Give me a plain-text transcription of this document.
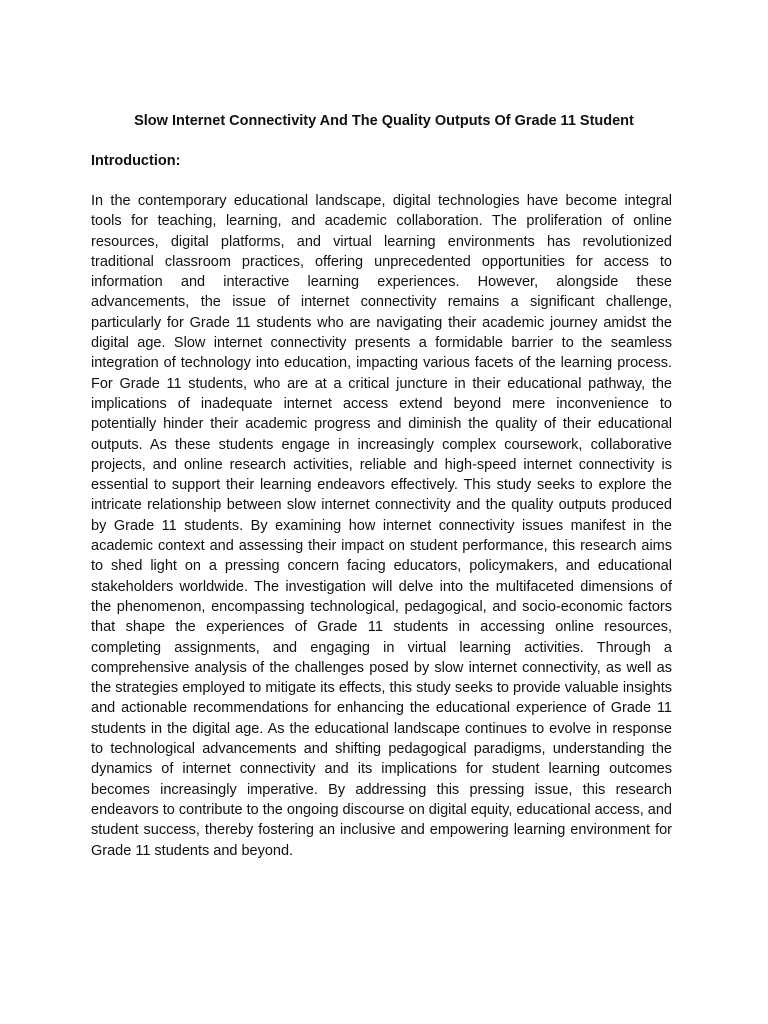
Slow Internet Connectivity And The Quality Outputs Of Grade 11 Student
Introduction:

In the contemporary educational landscape, digital technologies have become integral tools for teaching, learning, and academic collaboration. The proliferation of online resources, digital platforms, and virtual learning environments has revolutionized traditional classroom practices, offering unprecedented opportunities for access to information and interactive learning experiences. However, alongside these advancements, the issue of internet connectivity remains a significant challenge, particularly for Grade 11 students who are navigating their academic journey amidst the digital age. Slow internet connectivity presents a formidable barrier to the seamless integration of technology into education, impacting various facets of the learning process. For Grade 11 students, who are at a critical juncture in their educational pathway, the implications of inadequate internet access extend beyond mere inconvenience to potentially hinder their academic progress and diminish the quality of their educational outputs. As these students engage in increasingly complex coursework, collaborative projects, and online research activities, reliable and high-speed internet connectivity is essential to support their learning endeavors effectively. This study seeks to explore the intricate relationship between slow internet connectivity and the quality outputs produced by Grade 11 students. By examining how internet connectivity issues manifest in the academic context and assessing their impact on student performance, this research aims to shed light on a pressing concern facing educators, policymakers, and educational stakeholders worldwide. The investigation will delve into the multifaceted dimensions of the phenomenon, encompassing technological, pedagogical, and socio-economic factors that shape the experiences of Grade 11 students in accessing online resources, completing assignments, and engaging in virtual learning activities. Through a comprehensive analysis of the challenges posed by slow internet connectivity, as well as the strategies employed to mitigate its effects, this study seeks to provide valuable insights and actionable recommendations for enhancing the educational experience of Grade 11 students in the digital age. As the educational landscape continues to evolve in response to technological advancements and shifting pedagogical paradigms, understanding the dynamics of internet connectivity and its implications for student learning outcomes becomes increasingly imperative. By addressing this pressing issue, this research endeavors to contribute to the ongoing discourse on digital equity, educational access, and student success, thereby fostering an inclusive and empowering learning environment for Grade 11 students and beyond.
